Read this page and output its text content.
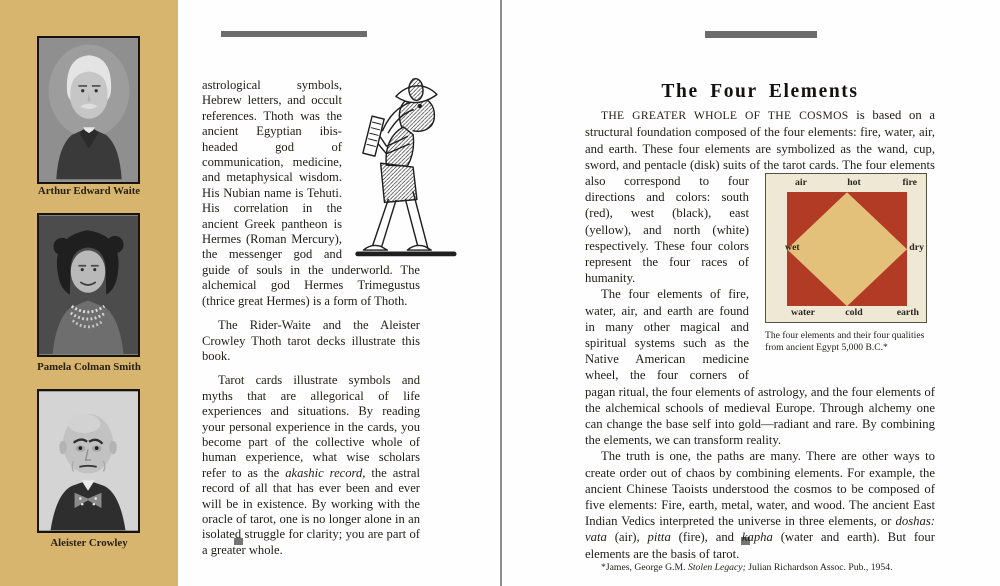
Arthur Edward Waite
Pamela Colman Smith
Aleister Crowley

astrological symbols, Hebrew letters, and occult references. Thoth was the ancient Egyptian ibis-headed god of communication, medicine, and metaphysical wisdom. His Nubian name is Tehuti. His correlation in the ancient Greek pantheon is Hermes (Roman Mercury), the messenger god and guide of souls in the underworld. The alchemical god Hermes Trimegustus (thrice great Hermes) is a form of Thoth.

The Rider-Waite and the Aleister Crowley Thoth tarot decks illustrate this book.

Tarot cards illustrate symbols and myths that are allegorical of life experiences and situations. By reading your personal experience in the cards, you become part of the collective whole of human experience, what wise scholars refer to as the akashic record, the astral record of all that has ever been and ever will be in existence. By working with the oracle of tarot, one is no longer alone in an isolated struggle for clarity; you are part of a greater whole.

The Four Elements

air	hot	fire
wet	dry
water	cold	earth
The four elements and their four qualities from ancient Egypt 5,000 B.C.*
THE GREATER WHOLE OF THE COSMOS is based on a structural foundation composed of the four elements: fire, water, air, and earth. These four elements are symbolized as the wand, cup, sword, and pentacle (disk) suits of the tarot cards. The four elements also correspond to four directions and colors: south (red), west (black), east (yellow), and north (white) respectively. These four colors represent the four races of humanity.

The four elements of fire, water, air, and earth are found in many other magical and spiritual systems such as the Native American medicine wheel, the four corners of pagan ritual, the four elements of astrology, and the four elements of the alchemical schools of medieval Europe. Through alchemy one can change the base self into gold—radiant and rare. By combining the elements, we can transform reality.

The truth is one, the paths are many. There are other ways to create order out of chaos by combining elements. For example, the ancient Chinese Taoists understood the cosmos to be composed of five elements: Fire, earth, metal, water, and wood. The ancient East Indian Vedics interpreted the universe in three elements, or doshas: vata (air), pitta (fire), and kapha (water and earth). But four elements are the basis of tarot.

*James, George G.M. Stolen Legacy; Julian Richardson Assoc. Pub., 1954.
